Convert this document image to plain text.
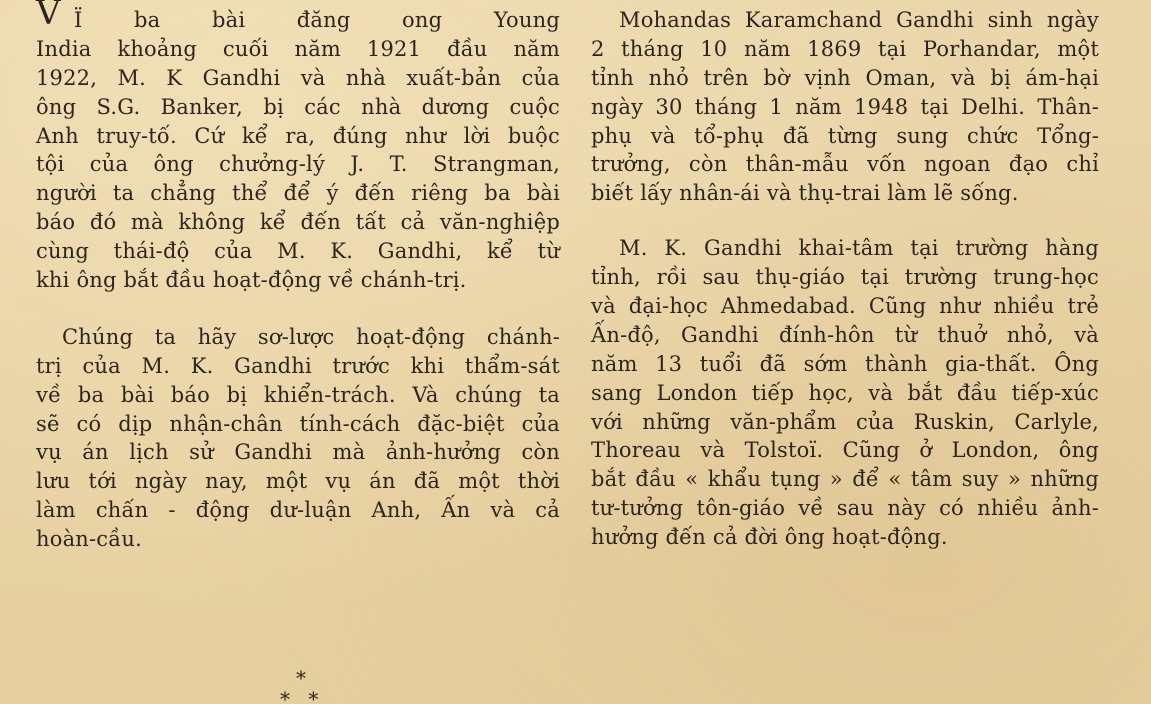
V Ï ba bài đăng ong Young
India khoảng cuối năm 1921 đầu năm
1922, M. K Gandhi và nhà xuất-bản của
ông S.G. Banker, bị các nhà dương cuộc
Anh truy-tố. Cứ kể ra, đúng như lời buộc
tội của ông chưởng-lý J. T. Strangman,
người ta chẳng thể để ý đến riêng ba bài
báo đó mà không kể đến tất cả văn-nghiệp
cùng thái-độ của M. K. Gandhi, kể từ
khi ông bắt đầu hoạt-động về chánh-trị.
Chúng ta hãy sơ-lược hoạt-động chánh-
trị của M. K. Gandhi trước khi thẩm-sát
về ba bài báo bị khiển-trách. Và chúng ta
sẽ có dịp nhận-chân tính-cách đặc-biệt của
vụ án lịch sử Gandhi mà ảnh-hưởng còn
lưu tới ngày nay, một vụ án đã một thời
làm chấn - động dư-luận Anh, Ấn và cả
hoàn-cầu.
*
* *
Mohandas Karamchand Gandhi sinh ngày
2 tháng 10 năm 1869 tại Porhandar, một
tỉnh nhỏ trên bờ vịnh Oman, và bị ám-hại
ngày 30 tháng 1 năm 1948 tại Delhi. Thân-
phụ và tổ-phụ đã từng sung chức Tổng-
trưởng, còn thân-mẫu vốn ngoan đạo chỉ
biết lấy nhân-ái và thụ-trai làm lẽ sống.
M. K. Gandhi khai-tâm tại trường hàng
tỉnh, rồi sau thụ-giáo tại trường trung-học
và đại-học Ahmedabad. Cũng như nhiều trẻ
Ấn-độ, Gandhi đính-hôn từ thuở nhỏ, và
năm 13 tuổi đã sớm thành gia-thất. Ông
sang London tiếp học, và bắt đầu tiếp-xúc
với những văn-phẩm của Ruskin, Carlyle,
Thoreau và Tolstoï. Cũng ở London, ông
bắt đầu « khẩu tụng » để « tâm suy » những
tư-tưởng tôn-giáo về sau này có nhiều ảnh-
hưởng đến cả đời ông hoạt-động.
